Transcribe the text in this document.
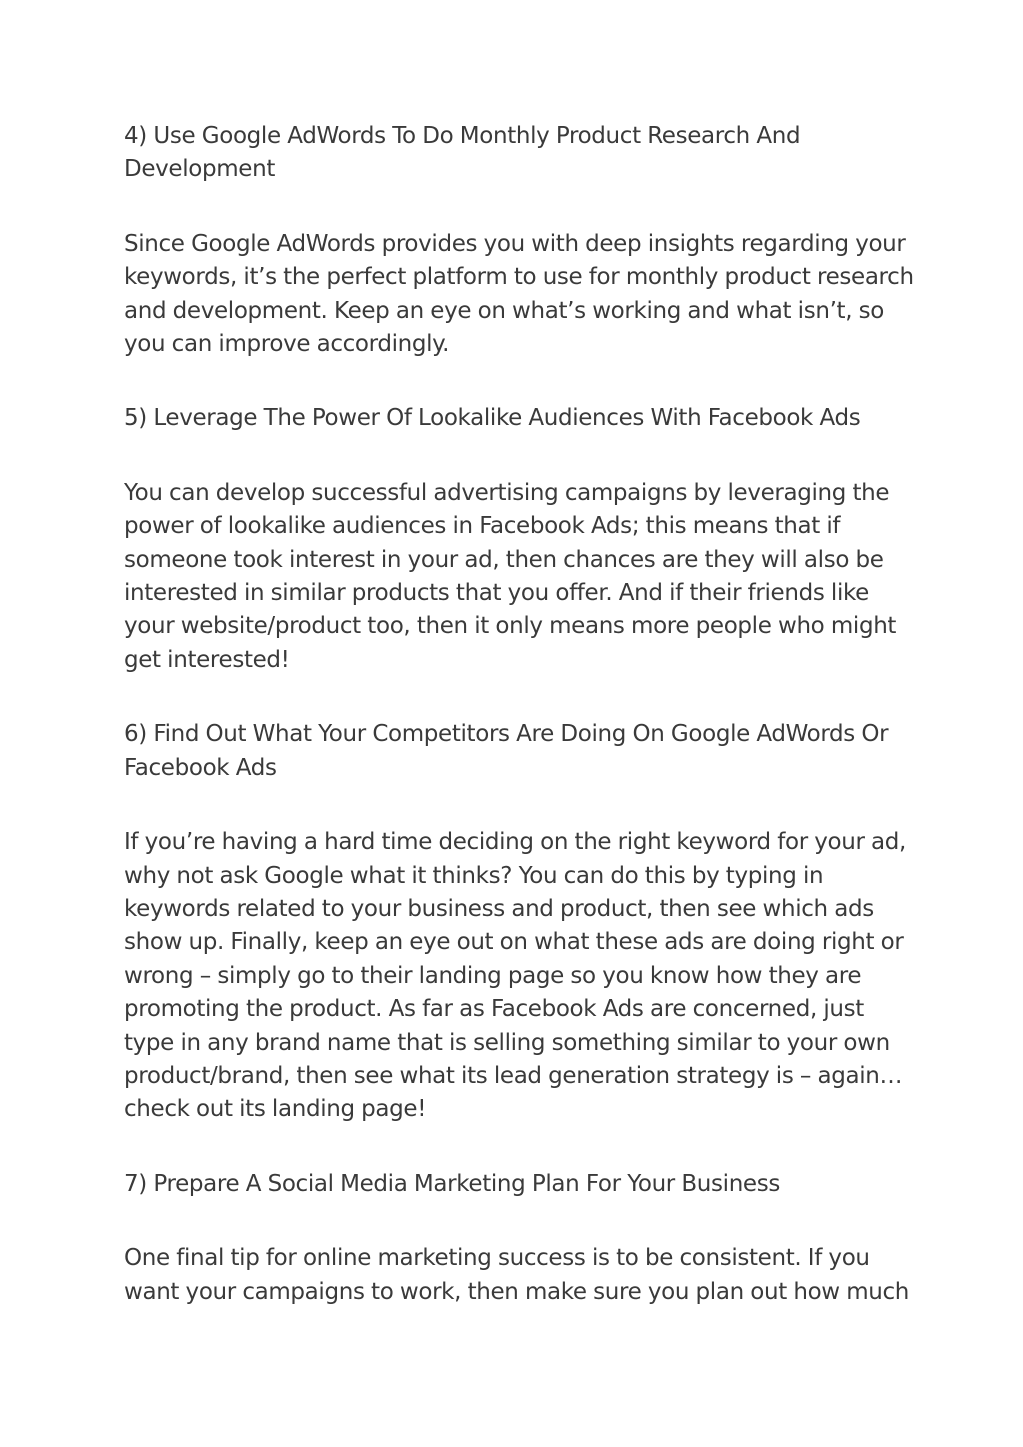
4) Use Google AdWords To Do Monthly Product Research And Development

Since Google AdWords provides you with deep insights regarding your keywords, it’s the perfect platform to use for monthly product research and development. Keep an eye on what’s working and what isn’t, so you can improve accordingly.

5) Leverage The Power Of Lookalike Audiences With Facebook Ads

You can develop successful advertising campaigns by leveraging the power of lookalike audiences in Facebook Ads; this means that if someone took interest in your ad, then chances are they will also be interested in similar products that you offer. And if their friends like your website/product too, then it only means more people who might get interested!

6) Find Out What Your Competitors Are Doing On Google AdWords Or Facebook Ads

If you’re having a hard time deciding on the right keyword for your ad, why not ask Google what it thinks? You can do this by typing in keywords related to your business and product, then see which ads show up. Finally, keep an eye out on what these ads are doing right or wrong – simply go to their landing page so you know how they are promoting the product. As far as Facebook Ads are concerned, just type in any brand name that is selling something similar to your own product/brand, then see what its lead generation strategy is – again…check out its landing page!

7) Prepare A Social Media Marketing Plan For Your Business

One final tip for online marketing success is to be consistent. If you want your campaigns to work, then make sure you plan out how much
